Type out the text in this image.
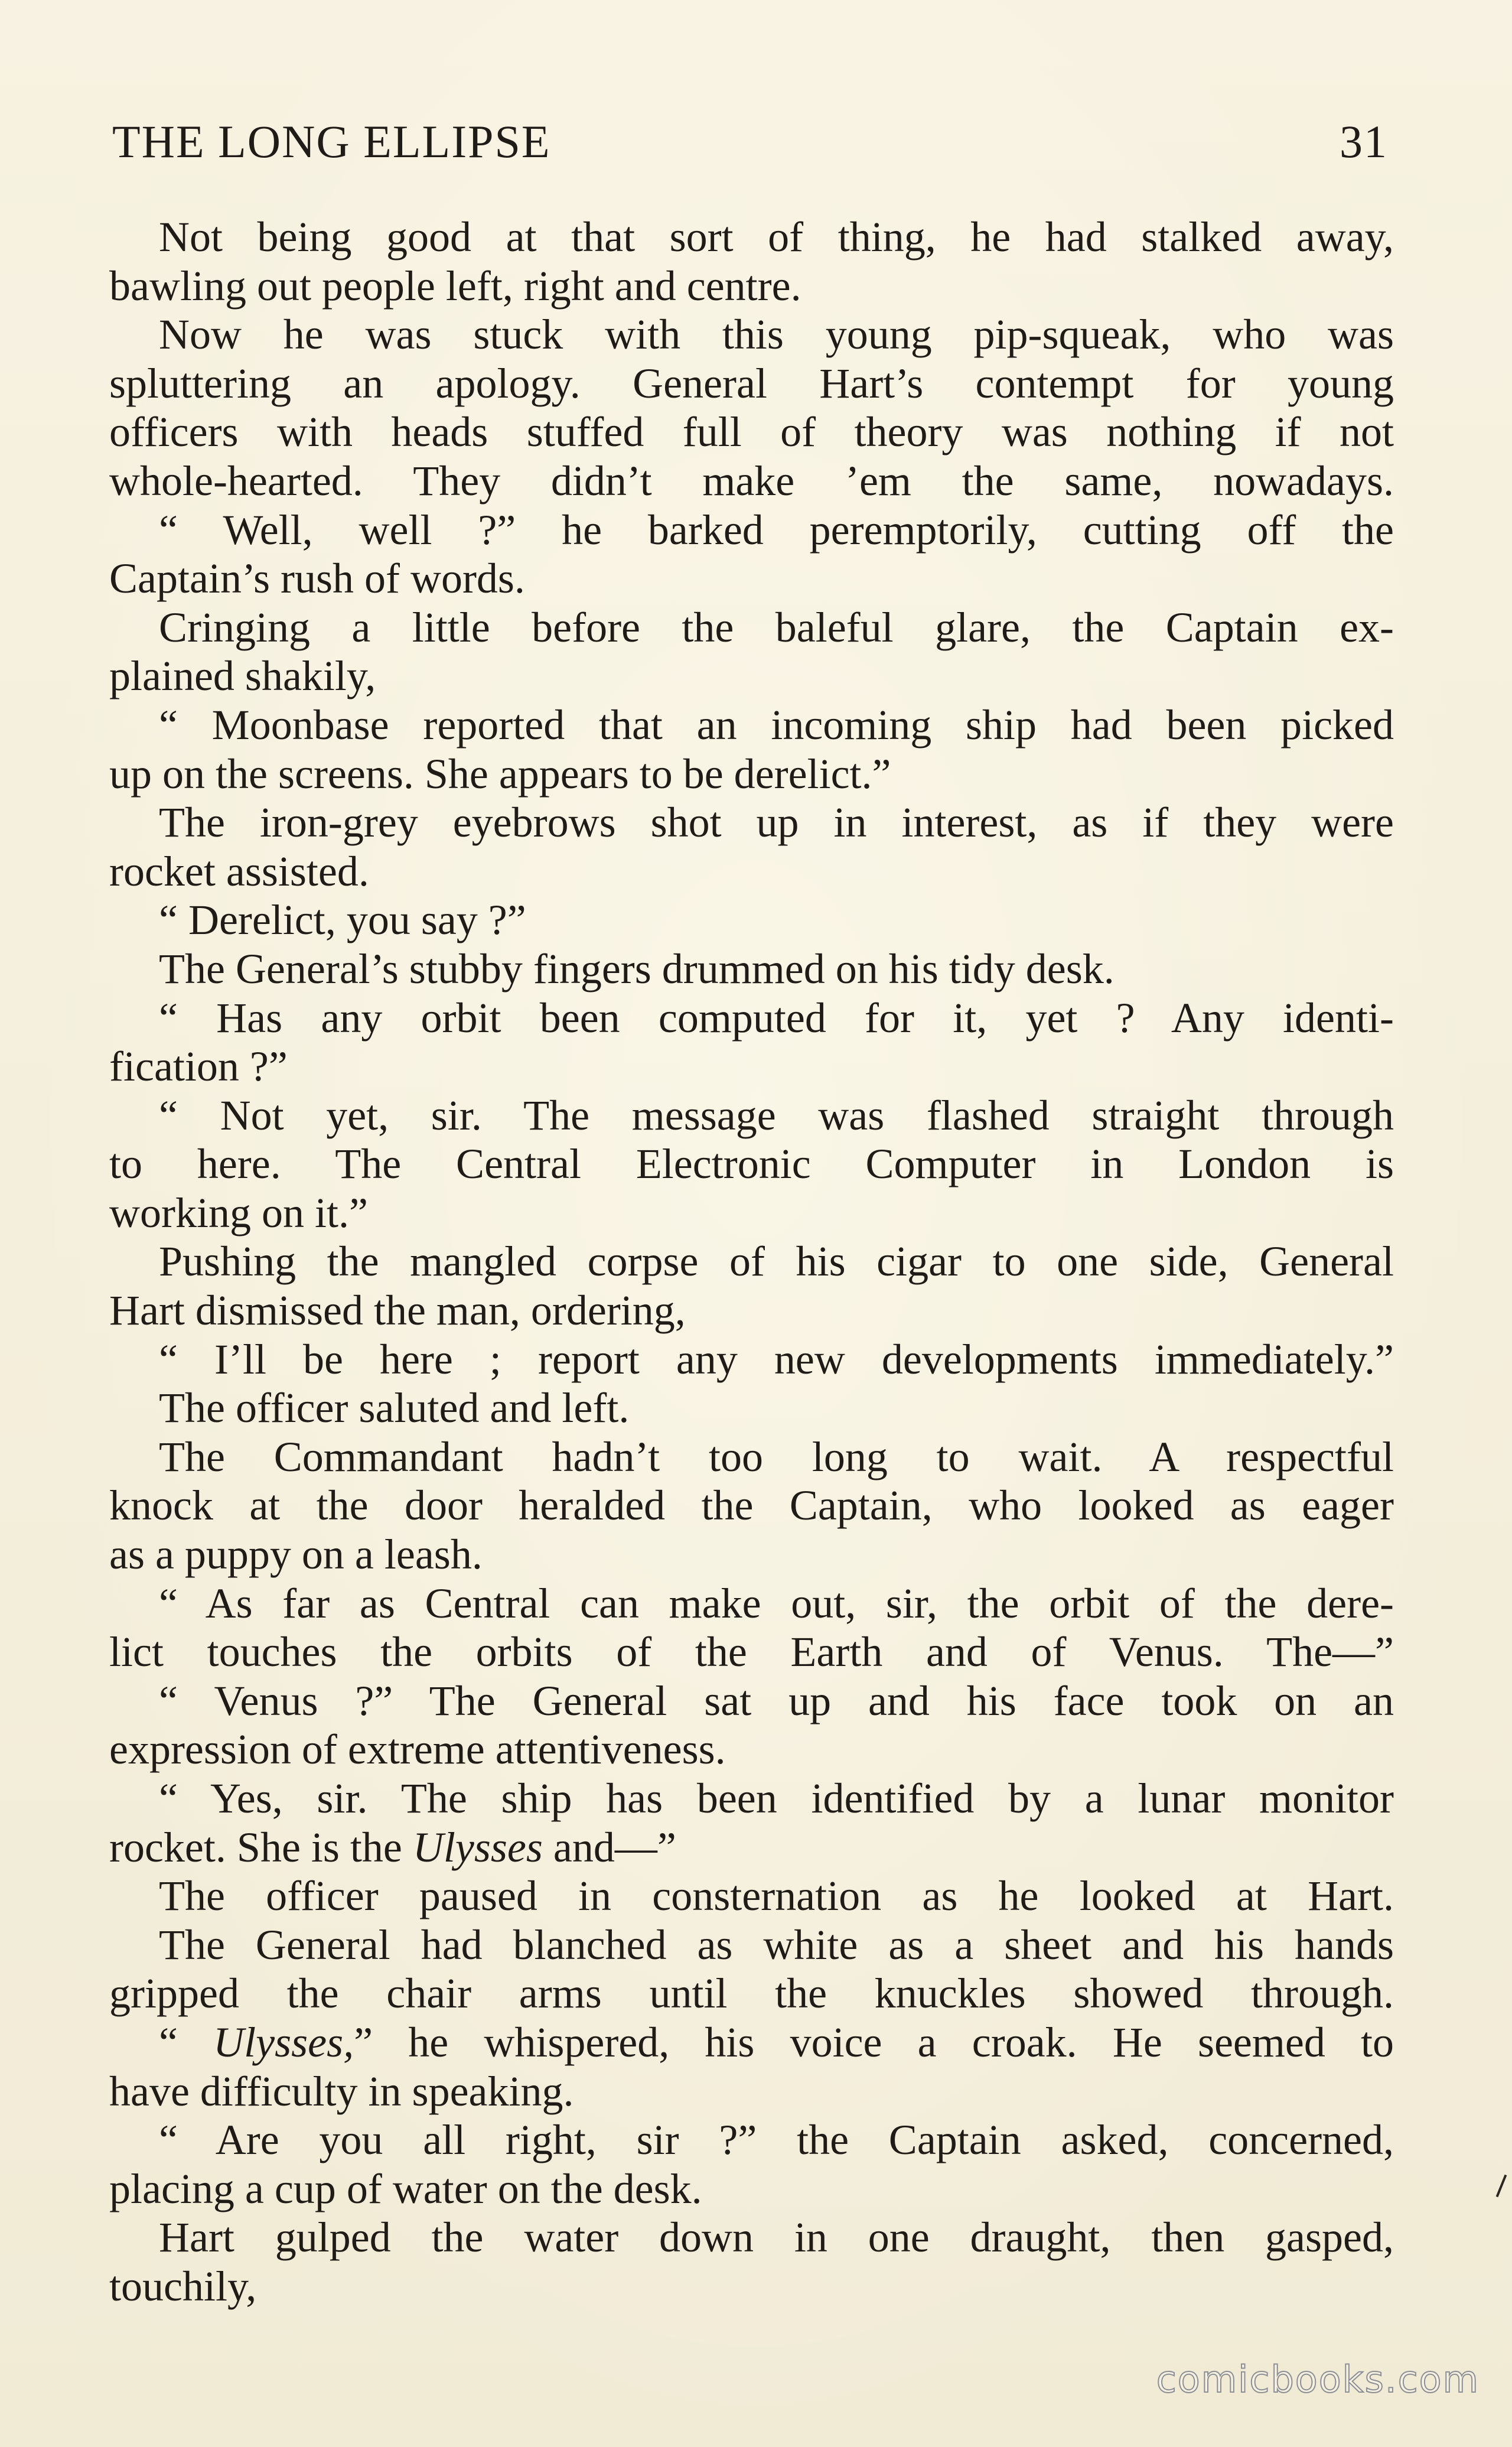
THE LONG ELLIPSE	31
Not being good at that sort of thing, he had stalked away,
bawling out people left, right and centre.
Now he was stuck with this young pip-squeak, who was
spluttering an apology. General Hart’s contempt for young
officers with heads stuffed full of theory was nothing if not
whole-hearted. They didn’t make ’em the same, nowadays.
“ Well, well ?” he barked peremptorily, cutting off the
Captain’s rush of words.
Cringing a little before the baleful glare, the Captain ex-
plained shakily,
“ Moonbase reported that an incoming ship had been picked
up on the screens. She appears to be derelict.”
The iron-grey eyebrows shot up in interest, as if they were
rocket assisted.
“ Derelict, you say ?”
The General’s stubby fingers drummed on his tidy desk.
“ Has any orbit been computed for it, yet ? Any identi-
fication ?”
“ Not yet, sir. The message was flashed straight through
to here. The Central Electronic Computer in London is
working on it.”
Pushing the mangled corpse of his cigar to one side, General
Hart dismissed the man, ordering,
“ I’ll be here ; report any new developments immediately.”
The officer saluted and left.
The Commandant hadn’t too long to wait. A respectful
knock at the door heralded the Captain, who looked as eager
as a puppy on a leash.
“ As far as Central can make out, sir, the orbit of the dere-
lict touches the orbits of the Earth and of Venus. The—”
“ Venus ?” The General sat up and his face took on an
expression of extreme attentiveness.
“ Yes, sir. The ship has been identified by a lunar monitor
rocket. She is the Ulysses and—”
The officer paused in consternation as he looked at Hart.
The General had blanched as white as a sheet and his hands
gripped the chair arms until the knuckles showed through.
“ Ulysses,” he whispered, his voice a croak. He seemed to
have difficulty in speaking.
“ Are you all right, sir ?” the Captain asked, concerned,
placing a cup of water on the desk.
Hart gulped the water down in one draught, then gasped,
touchily,
comicbooks.com
